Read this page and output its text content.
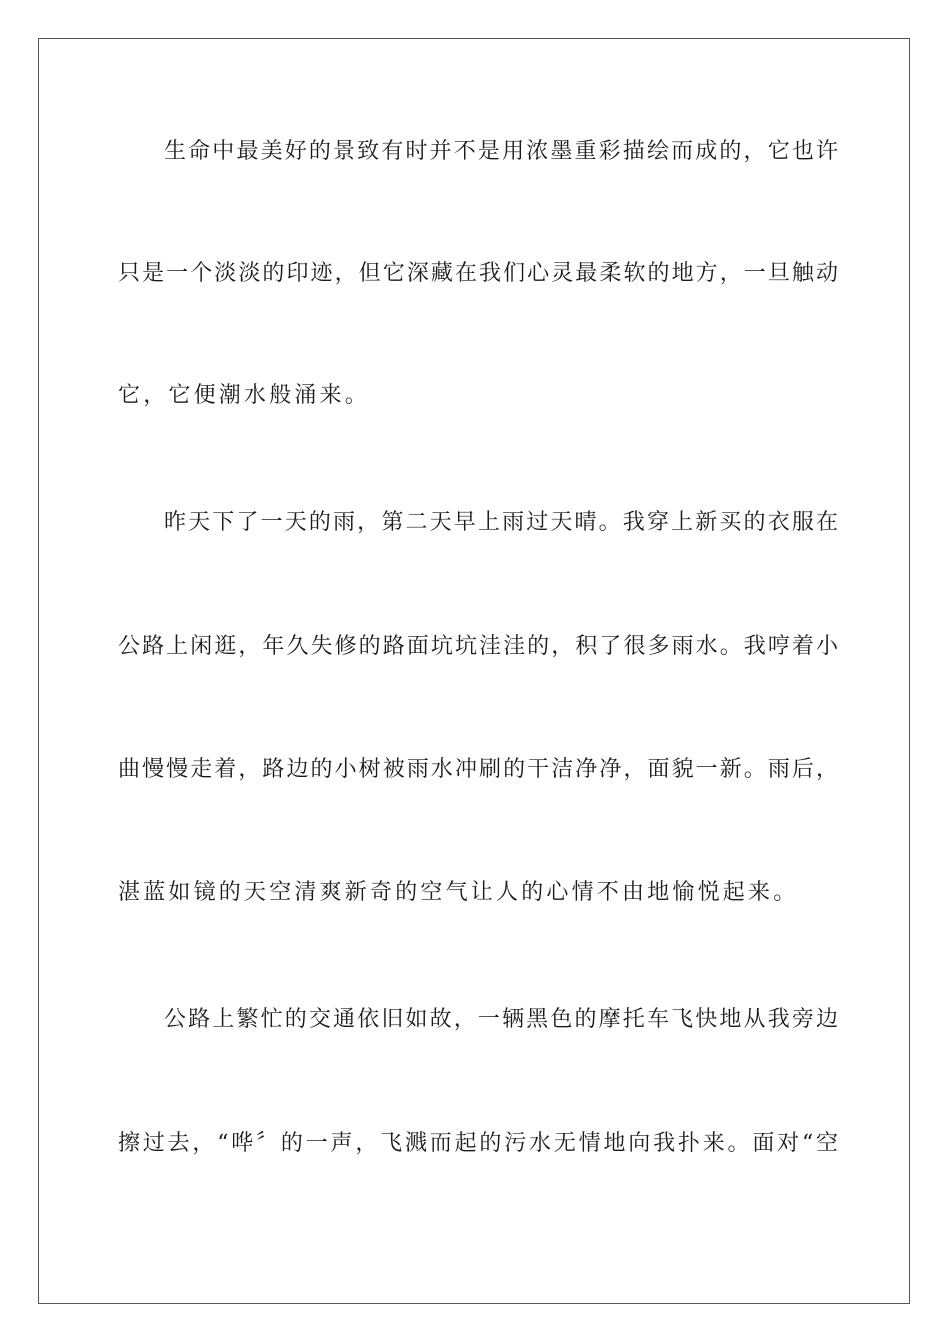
生命中最美好的景致有时并不是用浓墨重彩描绘而成的，它也许

只是一个淡淡的印迹，但它深藏在我们心灵最柔软的地方，一旦触动

它，它便潮水般涌来。

昨天下了一天的雨，第二天早上雨过天晴。我穿上新买的衣服在

公路上闲逛，年久失修的路面坑坑洼洼的，积了很多雨水。我哼着小

曲慢慢走着，路边的小树被雨水冲刷的干洁净净，面貌一新。雨后，

湛蓝如镜的天空清爽新奇的空气让人的心情不由地愉悦起来。

公路上繁忙的交通依旧如故，一辆黑色的摩托车飞快地从我旁边

擦过去，“哗〞的一声，飞溅而起的污水无情地向我扑来。面对“空
